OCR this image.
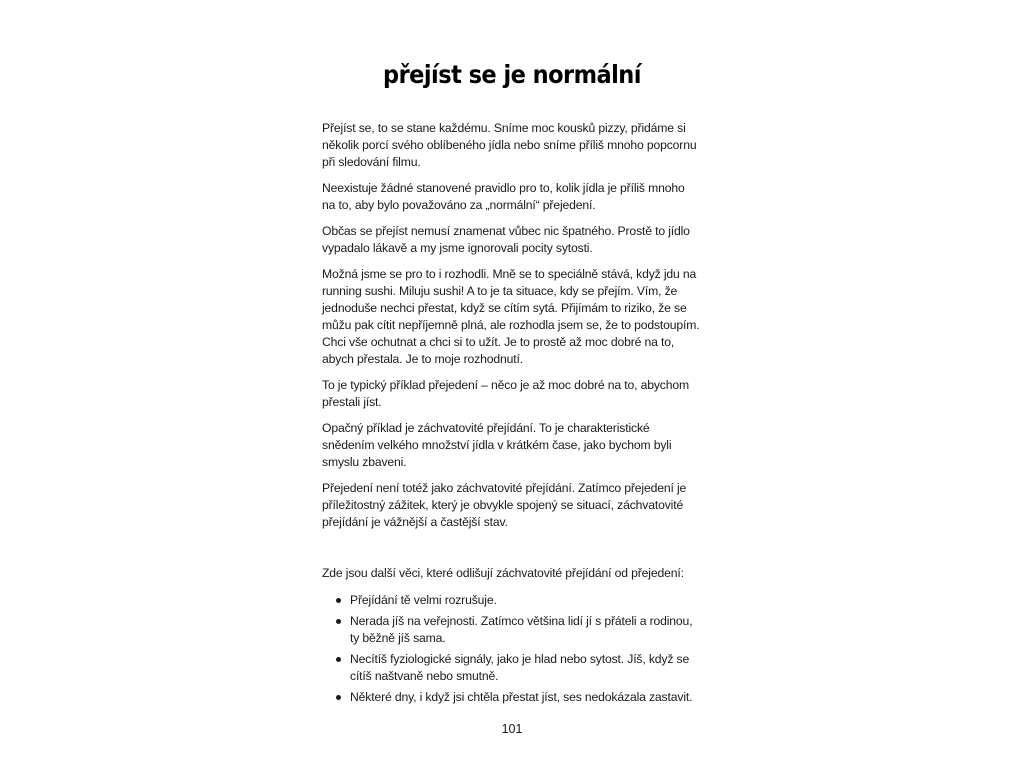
přejíst se je normální

Přejíst se, to se stane každému. Sníme moc kousků pizzy, přidáme si několik porcí svého oblíbeného jídla nebo sníme příliš mnoho popcornu při sledování filmu.

Neexistuje žádné stanovené pravidlo pro to, kolik jídla je příliš mnoho na to, aby bylo považováno za „normální“ přejedení.

Občas se přejíst nemusí znamenat vůbec nic špatného. Prostě to jídlo vypadalo lákavě a my jsme ignorovali pocity sytosti.

Možná jsme se pro to i rozhodli. Mně se to speciálně stává, když jdu na running sushi. Miluju sushi! A to je ta situace, kdy se přejím. Vím, že jednoduše nechci přestat, když se cítím sytá. Přijímám to riziko, že se můžu pak cítit nepříjemně plná, ale rozhodla jsem se, že to podstoupím. Chci vše ochutnat a chci si to užít. Je to prostě až moc dobré na to, abych přestala. Je to moje rozhodnutí.

To je typický příklad přejedení – něco je až moc dobré na to, abychom přestali jíst.

Opačný příklad je záchvatovité přejídání. To je charakteristické snědením velkého množství jídla v krátkém čase, jako bychom byli smyslu zbaveni.

Přejedení není totéž jako záchvatovité přejídání. Zatímco přejedení je příležitostný zážitek, který je obvykle spojený se situací, záchvatovité přejídání je vážnější a častější stav.

Zde jsou další věci, které odlišují záchvatovité přejídání od přejedení:

Přejídání tě velmi rozrušuje.
Nerada jíš na veřejnosti. Zatímco většina lidí jí s přáteli a rodinou, ty běžně jíš sama.
Necítíš fyziologické signály, jako je hlad nebo sytost. Jíš, když se cítíš naštvaně nebo smutně.
Některé dny, i když jsi chtěla přestat jíst, ses nedokázala zastavit.
101
